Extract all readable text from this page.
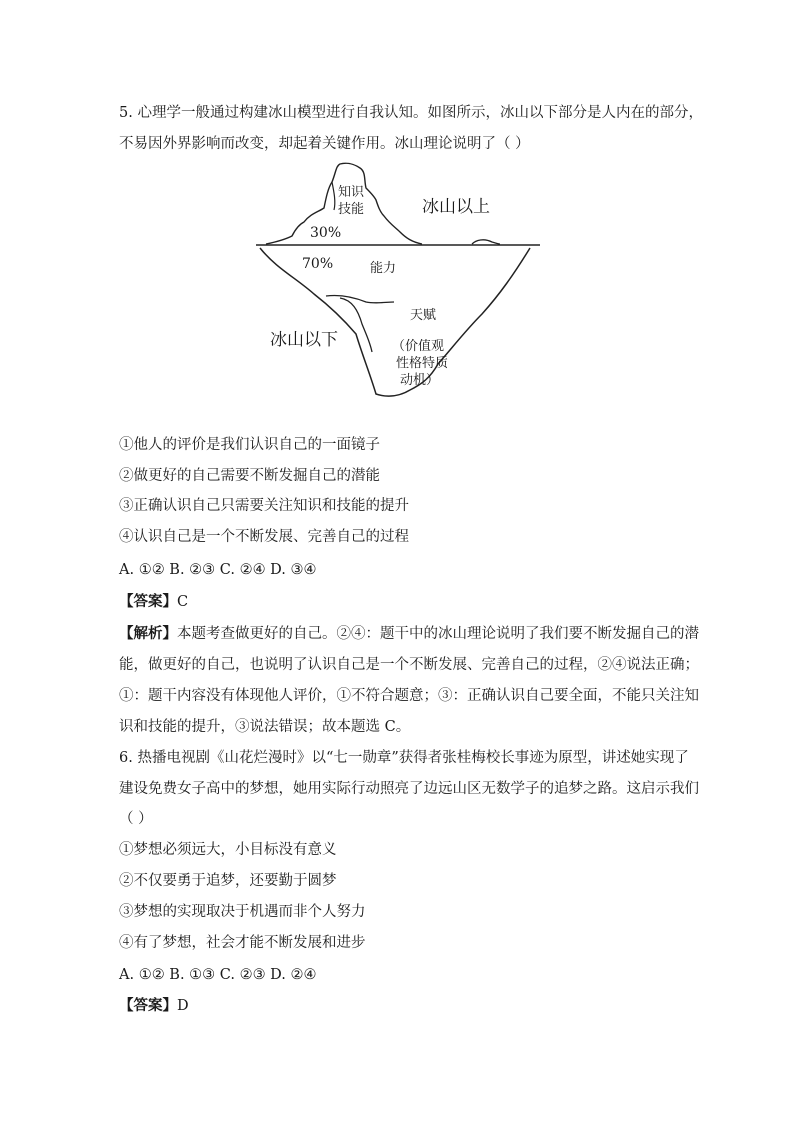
5. 心理学一般通过构建冰山模型进行自我认知。如图所示，冰山以下部分是人内在的部分，
不易因外界影响而改变，却起着关键作用。冰山理论说明了（ ）
知识
技能
30%
冰山以上
70%	能力
天赋
冰山以下	（价值观
性格特质
动机）
①他人的评价是我们认识自己的一面镜子
②做更好的自己需要不断发掘自己的潜能
③正确认识自己只需要关注知识和技能的提升
④认识自己是一个不断发展、完善自己的过程
A. ①② B. ②③ C. ②④ D. ③④
【答案】C
【解析】本题考查做更好的自己。②④：题干中的冰山理论说明了我们要不断发掘自己的潜
能，做更好的自己，也说明了认识自己是一个不断发展、完善自己的过程，②④说法正确；
①：题干内容没有体现他人评价，①不符合题意；③：正确认识自己要全面，不能只关注知
识和技能的提升，③说法错误；故本题选 C。
6. 热播电视剧《山花烂漫时》以“七一勋章”获得者张桂梅校长事迹为原型，讲述她实现了
建设免费女子高中的梦想，她用实际行动照亮了边远山区无数学子的追梦之路。这启示我们
（ ）
①梦想必须远大，小目标没有意义
②不仅要勇于追梦，还要勤于圆梦
③梦想的实现取决于机遇而非个人努力
④有了梦想，社会才能不断发展和进步
A. ①② B. ①③ C. ②③ D. ②④
【答案】D
